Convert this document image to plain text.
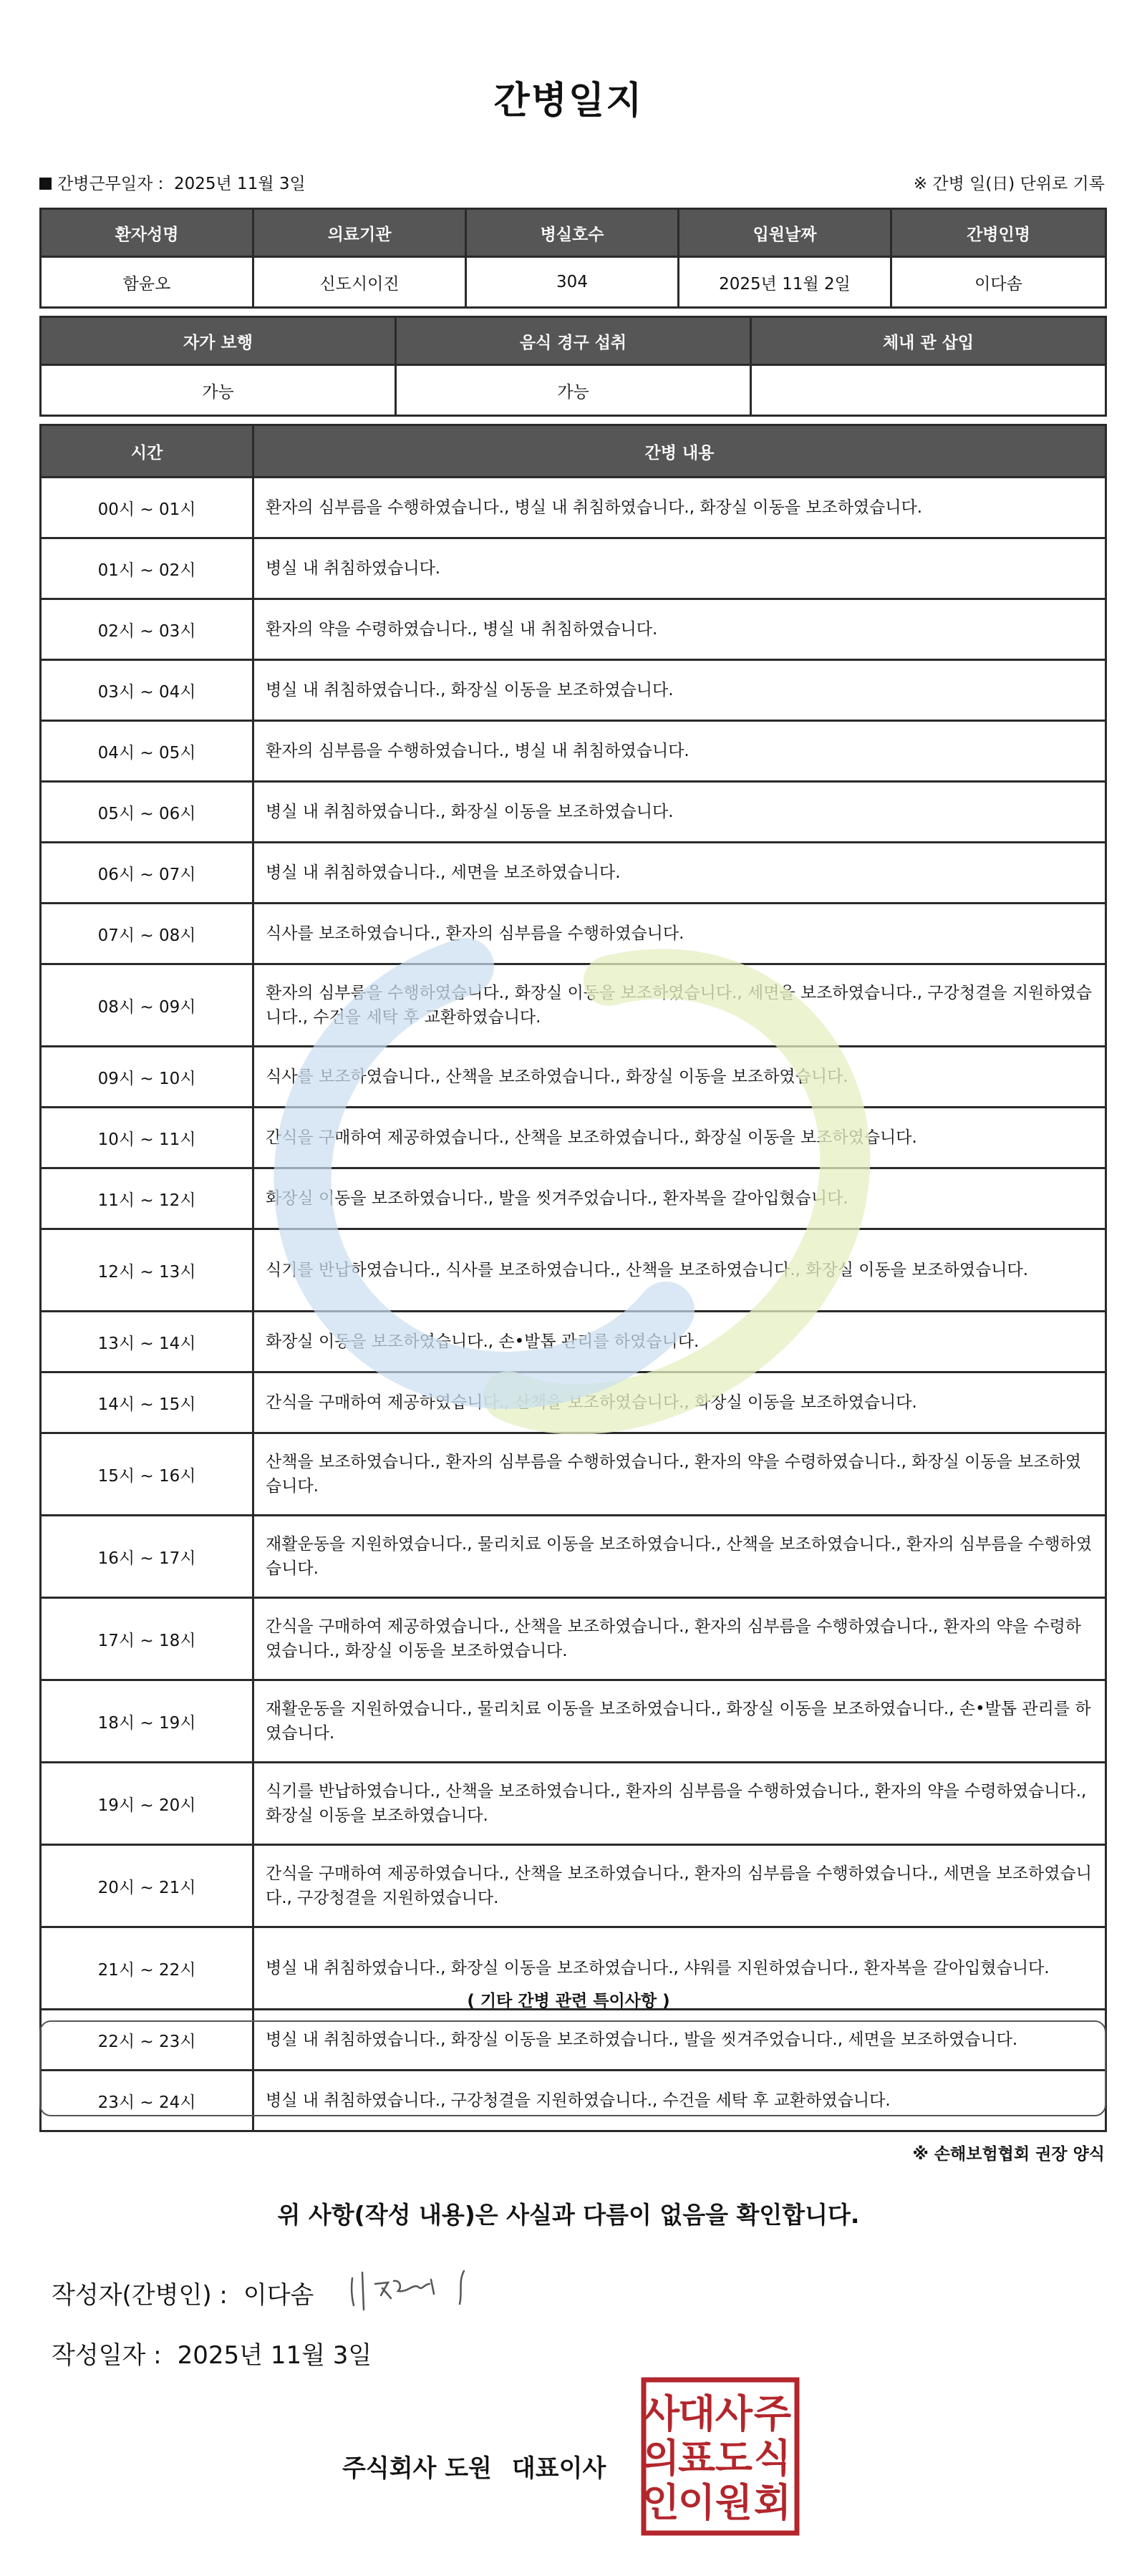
간병일지
간병근무일자 : 2025년 11월 3일	※ 간병 일(日) 단위로 기록
환자성명	의료기관	병실호수	입원날짜	간병인명
함윤오	신도시이진	304	2025년 11월 2일	이다솜
자가 보행	음식 경구 섭취	체내 관 삽입
가능	가능	
시간	간병 내용
00시 ~ 01시	환자의 심부름을 수행하였습니다., 병실 내 취침하였습니다., 화장실 이동을 보조하였습니다.
01시 ~ 02시	병실 내 취침하였습니다.
02시 ~ 03시	환자의 약을 수령하였습니다., 병실 내 취침하였습니다.
03시 ~ 04시	병실 내 취침하였습니다., 화장실 이동을 보조하였습니다.
04시 ~ 05시	환자의 심부름을 수행하였습니다., 병실 내 취침하였습니다.
05시 ~ 06시	병실 내 취침하였습니다., 화장실 이동을 보조하였습니다.
06시 ~ 07시	병실 내 취침하였습니다., 세면을 보조하였습니다.
07시 ~ 08시	식사를 보조하였습니다., 환자의 심부름을 수행하였습니다.
08시 ~ 09시	환자의 심부름을 수행하였습니다., 화장실 이동을 보조하였습니다., 세면을 보조하였습니다., 구강청결을 지원하였습니다., 수건을 세탁 후 교환하였습니다.
09시 ~ 10시	식사를 보조하였습니다., 산책을 보조하였습니다., 화장실 이동을 보조하였습니다.
10시 ~ 11시	간식을 구매하여 제공하였습니다., 산책을 보조하였습니다., 화장실 이동을 보조하였습니다.
11시 ~ 12시	화장실 이동을 보조하였습니다., 발을 씻겨주었습니다., 환자복을 갈아입혔습니다.
12시 ~ 13시	식기를 반납하였습니다., 식사를 보조하였습니다., 산책을 보조하였습니다., 화장실 이동을 보조하였습니다.
13시 ~ 14시	화장실 이동을 보조하였습니다., 손•발톱 관리를 하였습니다.
14시 ~ 15시	간식을 구매하여 제공하였습니다., 산책을 보조하였습니다., 화장실 이동을 보조하였습니다.
15시 ~ 16시	산책을 보조하였습니다., 환자의 심부름을 수행하였습니다., 환자의 약을 수령하였습니다., 화장실 이동을 보조하였습니다.
16시 ~ 17시	재활운동을 지원하였습니다., 물리치료 이동을 보조하였습니다., 산책을 보조하였습니다., 환자의 심부름을 수행하였습니다.
17시 ~ 18시	간식을 구매하여 제공하였습니다., 산책을 보조하였습니다., 환자의 심부름을 수행하였습니다., 환자의 약을 수령하였습니다., 화장실 이동을 보조하였습니다.
18시 ~ 19시	재활운동을 지원하였습니다., 물리치료 이동을 보조하였습니다., 화장실 이동을 보조하였습니다., 손•발톱 관리를 하였습니다.
19시 ~ 20시	식기를 반납하였습니다., 산책을 보조하였습니다., 환자의 심부름을 수행하였습니다., 환자의 약을 수령하였습니다., 화장실 이동을 보조하였습니다.
20시 ~ 21시	간식을 구매하여 제공하였습니다., 산책을 보조하였습니다., 환자의 심부름을 수행하였습니다., 세면을 보조하였습니다., 구강청결을 지원하였습니다.
21시 ~ 22시	병실 내 취침하였습니다., 화장실 이동을 보조하였습니다., 샤워를 지원하였습니다., 환자복을 갈아입혔습니다.
22시 ~ 23시	병실 내 취침하였습니다., 화장실 이동을 보조하였습니다., 발을 씻겨주었습니다., 세면을 보조하였습니다.
23시 ~ 24시	병실 내 취침하였습니다., 구강청결을 지원하였습니다., 수건을 세탁 후 교환하였습니다.
( 기타 간병 관련 특이사항 )
※ 손해보험협회 권장 양식
위 사항(작성 내용)은 사실과 다름이 없음을 확인합니다.
작성자(간병인) : 이다솜
작성일자 : 2025년 11월 3일
주식회사 도원 대표이사
주
식
회
사
도
원
대
표
이
사
의
인
